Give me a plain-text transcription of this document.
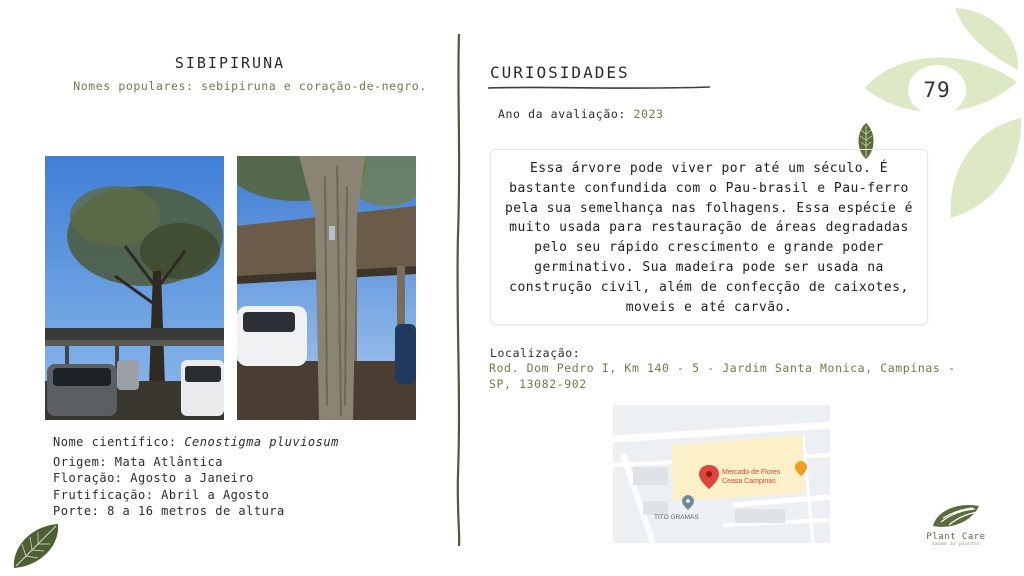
79
SIBIPIRUNA
Nomes populares: sebipiruna e coração-de-negro.
Nome científico: Cenostigma pluviosum
Origem: Mata Atlântica
Floração: Agosto a Janeiro
Frutificação: Abril a Agosto
Porte: 8 a 16 metros de altura
CURIOSIDADES
Ano da avaliação: 2023
Essa árvore pode viver por até um século. É bastante confundida com o Pau-brasil e Pau-ferro pela sua semelhança nas folhagens. Essa espécie é muito usada para restauração de áreas degradadas pelo seu rápido crescimento e grande poder germinativo. Sua madeira pode ser usada na construção civil, além de confecção de caixotes, moveis e até carvão.
Localização:
Rod. Dom Pedro I, Km 140 - 5 - Jardim Santa Monica, Campinas - SP, 13082-902
Mercado de Flores
Ceasa Campinas
TITO GRAMAS
Plant Care
saúde às plantas
